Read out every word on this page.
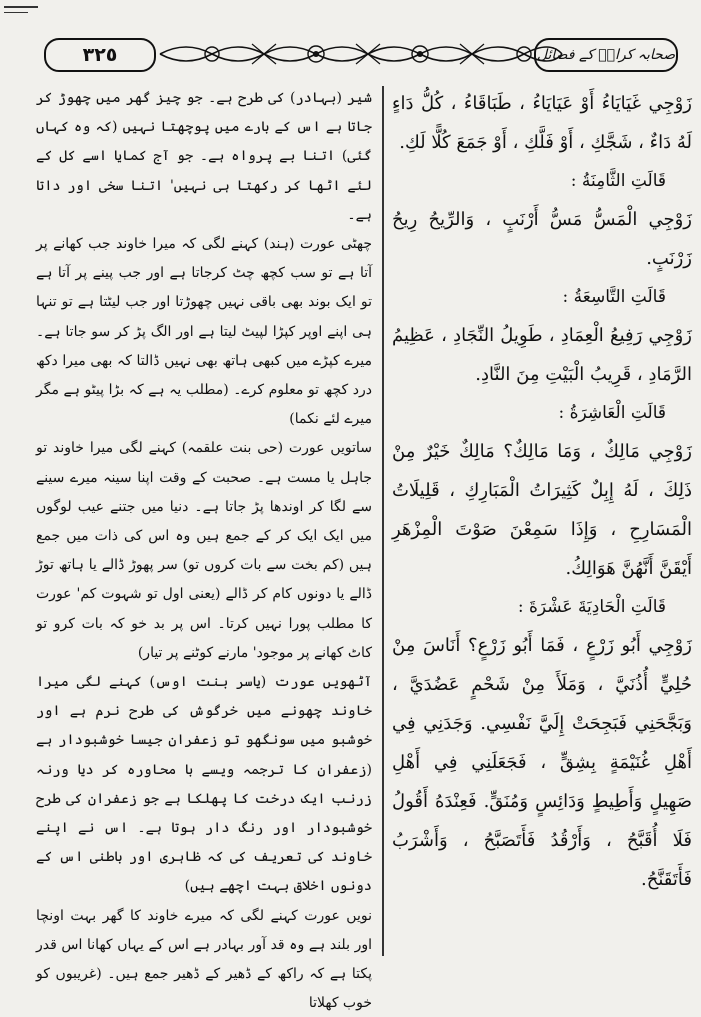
٣٢٥	صحابہ کرامؓ کے فضائل

زَوْجِي غَيَايَاءُ أَوْ عَيَايَاءُ ، طَبَاقَاءُ ، كُلُّ دَاءٍ لَهُ دَاءٌ ، شَجَّكِ ، أَوْ فَلَّكِ ، أَوْ جَمَعَ كُلًّا لَكِ.

قَالَتِ الثَّامِنَةُ :

زَوْجِي الْمَسُّ مَسُّ أَرْنَبٍ ، وَالرِّيحُ رِيحُ زَرْنَبٍ.

قَالَتِ التَّاسِعَةُ :

زَوْجِي رَفِيعُ الْعِمَادِ ، طَوِيلُ النِّجَادِ ، عَظِيمُ الرَّمَادِ ، قَرِيبُ الْبَيْتِ مِنَ النَّادِ.

قَالَتِ الْعَاشِرَةُ :

زَوْجِي مَالِكٌ ، وَمَا مَالِكٌ؟ مَالِكٌ خَيْرٌ مِنْ ذَلِكَ ، لَهُ إِبِلٌ كَثِيرَاتُ الْمَبَارِكِ ، قَلِيلَاتُ الْمَسَارِحِ ، وَإِذَا سَمِعْنَ صَوْتَ الْمِزْهَرِ أَيْقَنَّ أَنَّهُنَّ هَوَالِكُ.

قَالَتِ الْحَادِيَةَ عَشْرَةَ :

زَوْجِي أَبُو زَرْعٍ ، فَمَا أَبُو زَرْعٍ؟ أَنَاسَ مِنْ حُلِيٍّ أُذُنَيَّ ، وَمَلَأَ مِنْ شَحْمٍ عَضُدَيَّ ، وَبَجَّحَنِي فَبَجِحَتْ إِلَيَّ نَفْسِي. وَجَدَنِي فِي أَهْلِ غُنَيْمَةٍ بِشِقٍّ ، فَجَعَلَنِي فِي أَهْلِ صَهِيلٍ وَأَطِيطٍ وَدَائِسٍ وَمُنَقٍّ. فَعِنْدَهُ أَقُولُ فَلَا أُقَبَّحُ ، وَأَرْقُدُ فَأَتَصَبَّحُ ، وَأَشْرَبُ فَأَتَقَنَّحُ.

شیر (بہادر) کی طرح ہے۔ جو چیز گھر میں چھوڑ کر جاتا ہے اس کے بارے میں پوچھتا نہیں (کہ وہ کہاں گئی) اتنا بے پرواہ ہے۔ جو آج کمایا اسے کل کے لئے اٹھا کر رکھتا ہی نہیں' اتنا سخی اور داتا ہے۔

چھٹی عورت (ہند) کہنے لگی کہ میرا خاوند جب کھانے پر آتا ہے تو سب کچھ چٹ کرجاتا ہے اور جب پینے پر آتا ہے تو ایک بوند بھی باقی نہیں چھوڑتا اور جب لیٹتا ہے تو تنہا ہی اپنے اوپر کپڑا لپیٹ لیتا ہے اور الگ پڑ کر سو جاتا ہے۔ میرے کپڑے میں کبھی ہاتھ بھی نہیں ڈالتا کہ بھی میرا دکھ درد کچھ تو معلوم کرے۔ (مطلب یہ ہے کہ بڑا پیٹو ہے مگر میرے لئے نکما)

ساتویں عورت (حی بنت علقمہ) کہنے لگی میرا خاوند تو جاہل یا مست ہے۔ صحبت کے وقت اپنا سینہ میرے سینے سے لگا کر اوندھا پڑ جاتا ہے۔ دنیا میں جتنے عیب لوگوں میں ایک ایک کر کے جمع ہیں وہ اس کی ذات میں جمع ہیں (کم بخت سے بات کروں تو) سر پھوڑ ڈالے یا ہاتھ توڑ ڈالے یا دونوں کام کر ڈالے (یعنی اول تو شہوت کم' عورت کا مطلب پورا نہیں کرتا۔ اس پر بد خو کہ بات کرو تو کاٹ کھانے پر موجود' مارنے کوٹنے پر تیار)

آٹھویں عورت (یاسر بنت اوس) کہنے لگی میرا خاوند چھونے میں خرگوش کی طرح نرم ہے اور خوشبو میں سونگھو تو زعفران جیسا خوشبودار ہے (زعفران کا ترجمہ ویسے با محاورہ کر دیا ورنہ زرنب ایک درخت کا پھلکا ہے جو زعفران کی طرح خوشبودار اور رنگ دار ہوتا ہے۔ اس نے اپنے خاوند کی تعریف کی کہ ظاہری اور باطنی اس کے دونوں اخلاق بہت اچھے ہیں)

نویں عورت کہنے لگی کہ میرے خاوند کا گھر بہت اونچا اور بلند ہے وہ قد آور بہادر ہے اس کے یہاں کھانا اس قدر پکتا ہے کہ راکھ کے ڈھیر کے ڈھیر جمع ہیں۔ (غریبوں کو خوب کھلاتا
